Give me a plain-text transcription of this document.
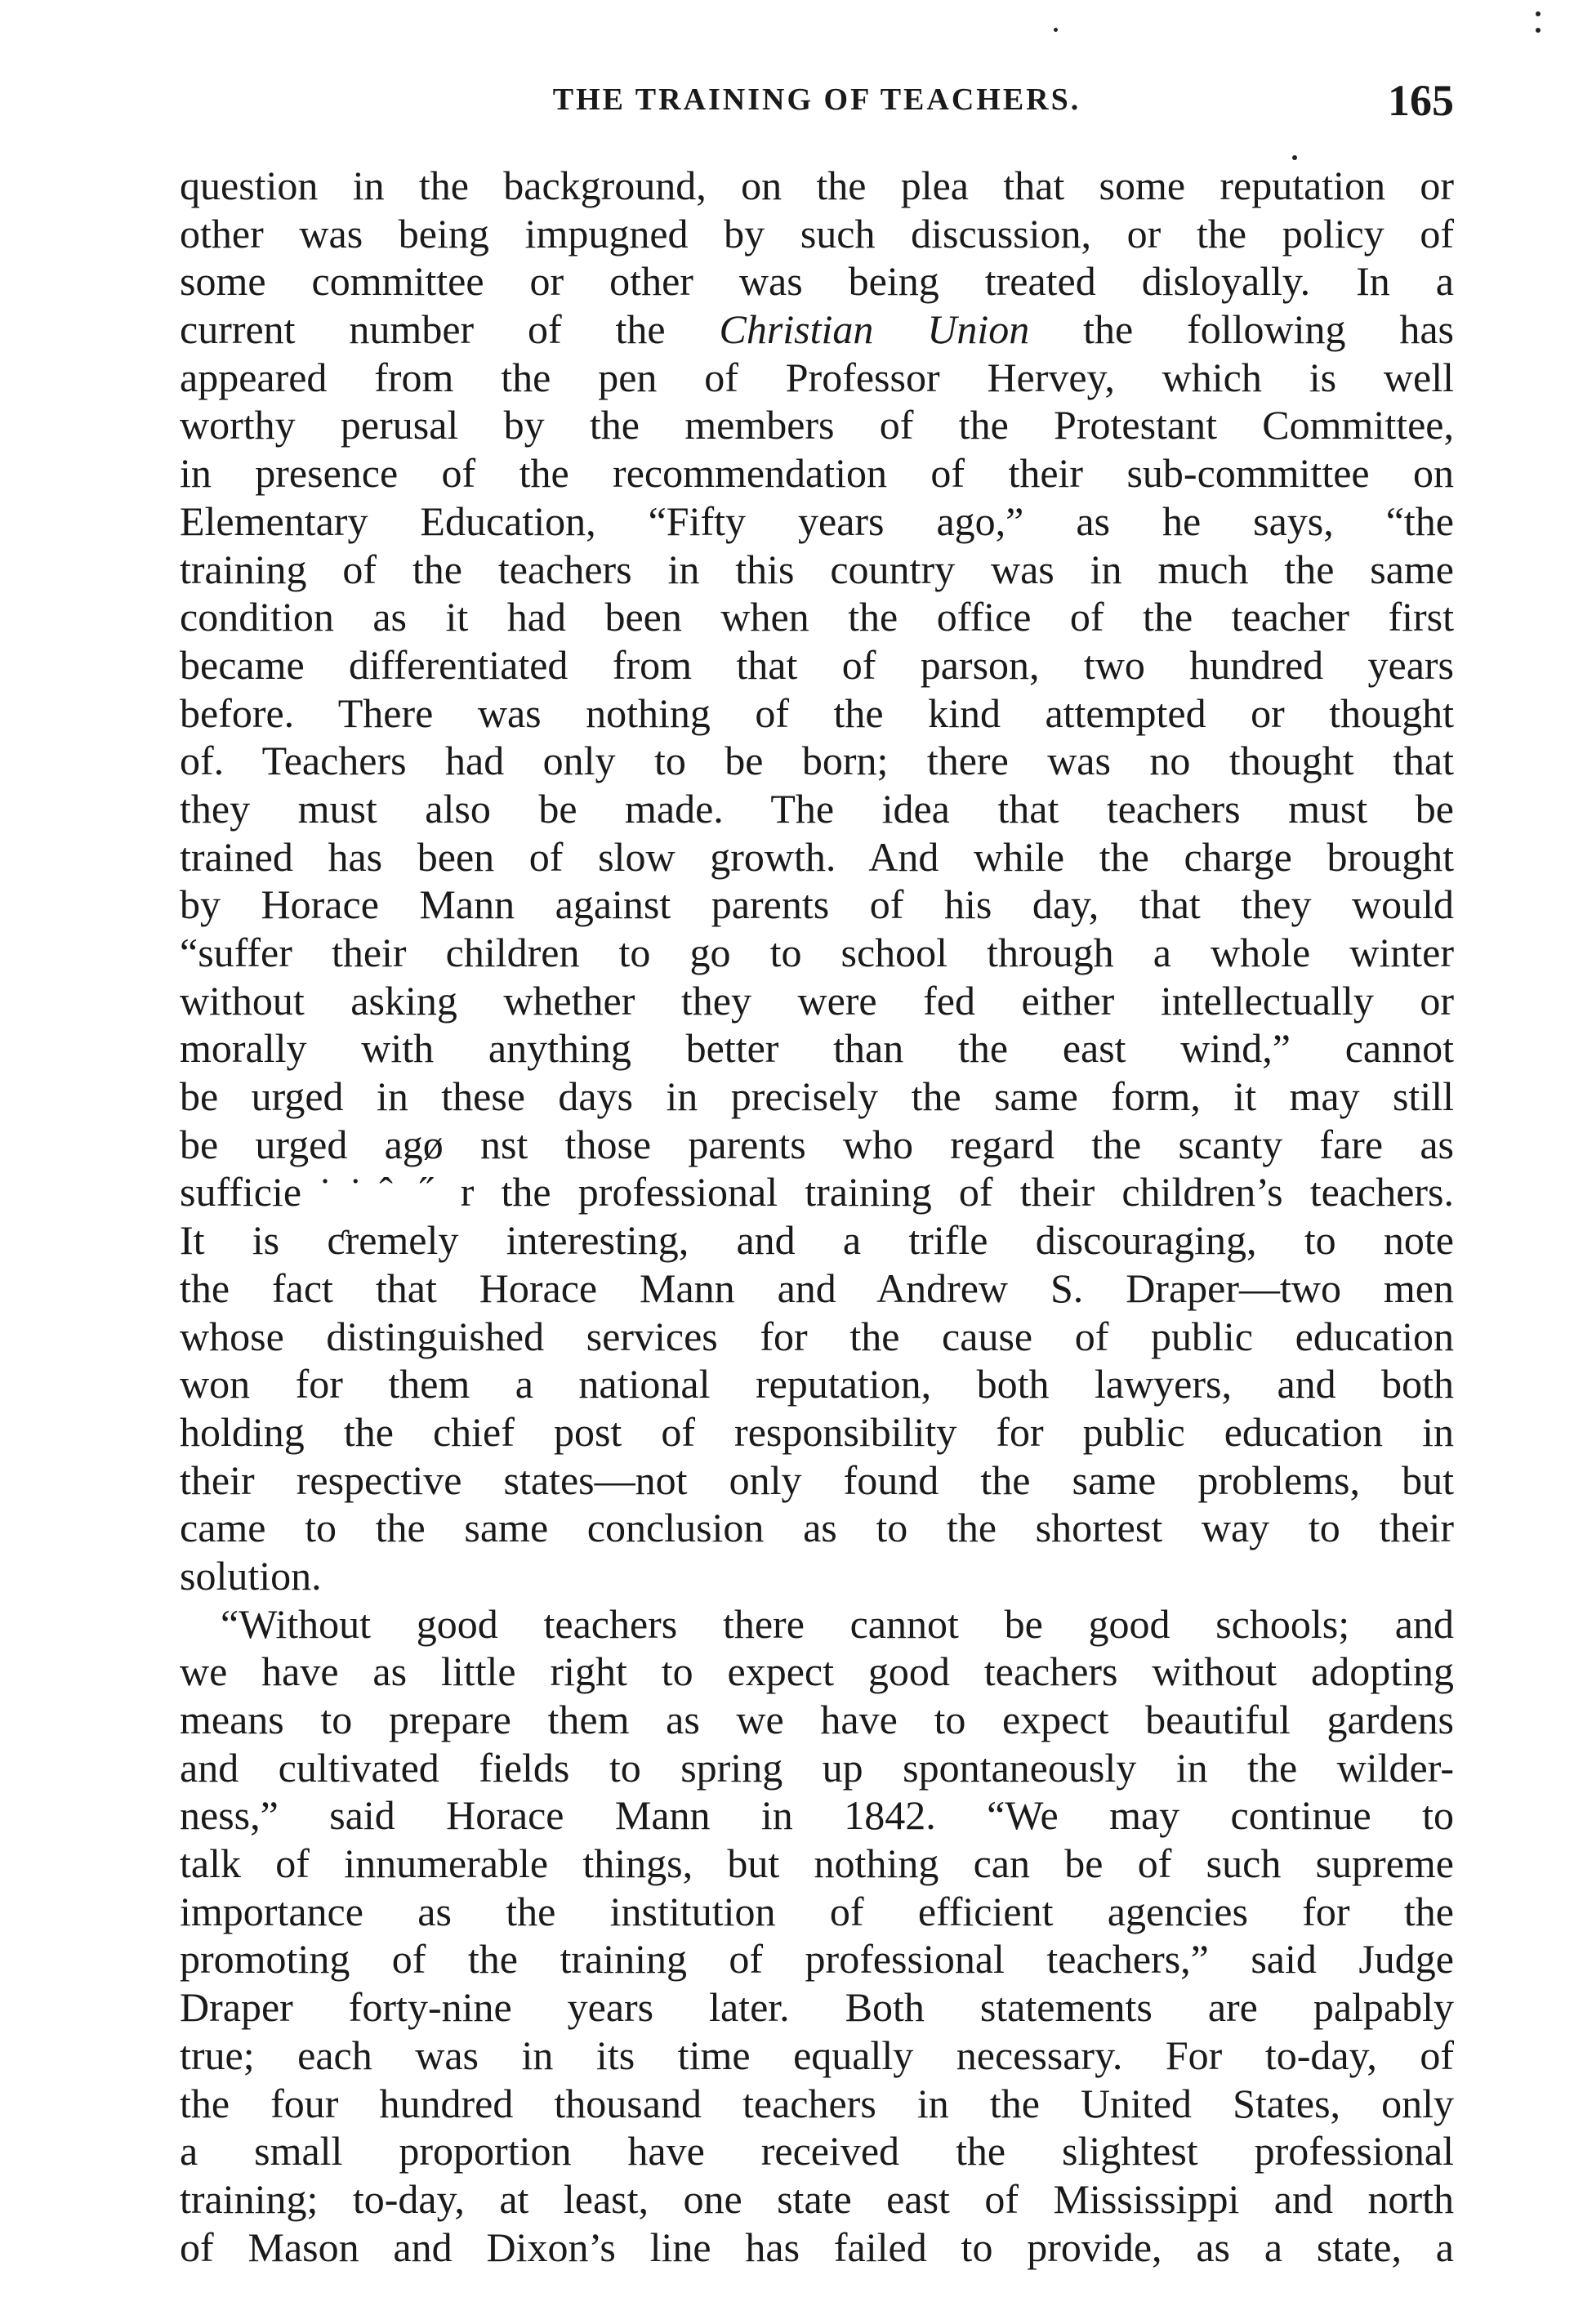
THE TRAINING OF TEACHERS.	165
question in the background, on the plea that some reputation or
other was being impugned by such discussion, or the policy of
some committee or other was being treated disloyally. In a
current number of the Christian Union the following has
appeared from the pen of Professor Hervey, which is well
worthy perusal by the members of the Protestant Committee,
in presence of the recommendation of their sub-committee on
Elementary Education, “Fifty years ago,” as he says, “the
training of the teachers in this country was in much the same
condition as it had been when the office of the teacher first
became differentiated from that of parson, two hundred years
before. There was nothing of the kind attempted or thought
of. Teachers had only to be born; there was no thought that
they must also be made. The idea that teachers must be
trained has been of slow growth. And while the charge brought
by Horace Mann against parents of his day, that they would
“suffer their children to go to school through a whole winter
without asking whether they were fed either intellectually or
morally with anything better than the east wind,” cannot
be urged in these days in precisely the same form, it may still
be urged agø nst those parents who regard the scanty fare as
sufficie˙˙ˆ ˝ r the professional training of their children’s teachers.
It is ƈremely interesting, and a trifle discouraging, to note
the fact that Horace Mann and Andrew S. Draper—two men
whose distinguished services for the cause of public education
won for them a national reputation, both lawyers, and both
holding the chief post of responsibility for public education in
their respective states—not only found the same problems, but
came to the same conclusion as to the shortest way to their
solution.
“Without good teachers there cannot be good schools; and
we have as little right to expect good teachers without adopting
means to prepare them as we have to expect beautiful gardens
and cultivated fields to spring up spontaneously in the wilder-
ness,” said Horace Mann in 1842. “We may continue to
talk of innumerable things, but nothing can be of such supreme
importance as the institution of efficient agencies for the
promoting of the training of professional teachers,” said Judge
Draper forty-nine years later. Both statements are palpably
true; each was in its time equally necessary. For to-day, of
the four hundred thousand teachers in the United States, only
a small proportion have received the slightest professional
training; to-day, at least, one state east of Mississippi and north
of Mason and Dixon’s line has failed to provide, as a state, a
